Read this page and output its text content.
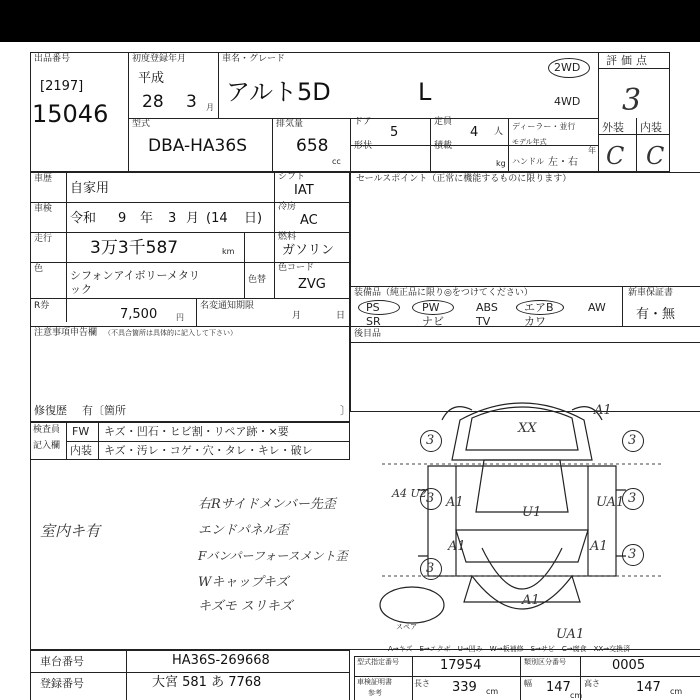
出品番号
[2197]
15046
初度登録年月
平成
28 3 月
車名・グレード
アルト5D	L
2WD
4WD
評価点
3
外装 内装
C C
型式
DBA-HA36S
排気量
658
cc
ドア
5
定員
4 人
形状	積載
kg
ディーラー・並行
モデル年式
年
ハンドル 左・右
車歴
自家用
シフト
IAT
車検
令和 9 年 3 月 (14 日)
冷房
AC
走行 3万3千587	km
燃料
ガソリン
色 シフォンアイボリーメタリ
ック
色替
色コード
ZVG
R券
7,500 円
名変通知期限
月	日
注意事項申告欄 （不具合箇所は具体的に記入して下さい）
修復歴 有〔箇所	〕
セールスポイント（正常に機能するものに限ります）
装備品（純正品に限り◎をつけてください）	新車保証書
有・無
PS	PW	ABS エアB	AW
SR	ナビ	TV	カワ
後目品
検査員
記入欄
FW キズ・凹石・ヒビ割・リペア跡・×要
内装 キズ・汚レ・コゲ・穴・タレ・キレ・破レ
室内キ有
右Rサイドメンバー先歪
エンドパネル歪
Fバンパーフォースメント歪
Wキャップキズ
キズモ スリキズ
XX
A1
A1
U1
UA1
A1	A1
A1
UA1
3	3
3	3
3
3
A4 U2
スペア
A→キズ　E→エクボ　U→凹み　W→板補修　S→サビ　C→腐食　XX→交換済
車台番号	HA36S-269668
登録番号	大宮 581 あ 7768
型式指定番号	17954	類別区分番号	0005
車検証明書
参考
長さ 339 cm
幅 147
cm
高さ	147 cm
